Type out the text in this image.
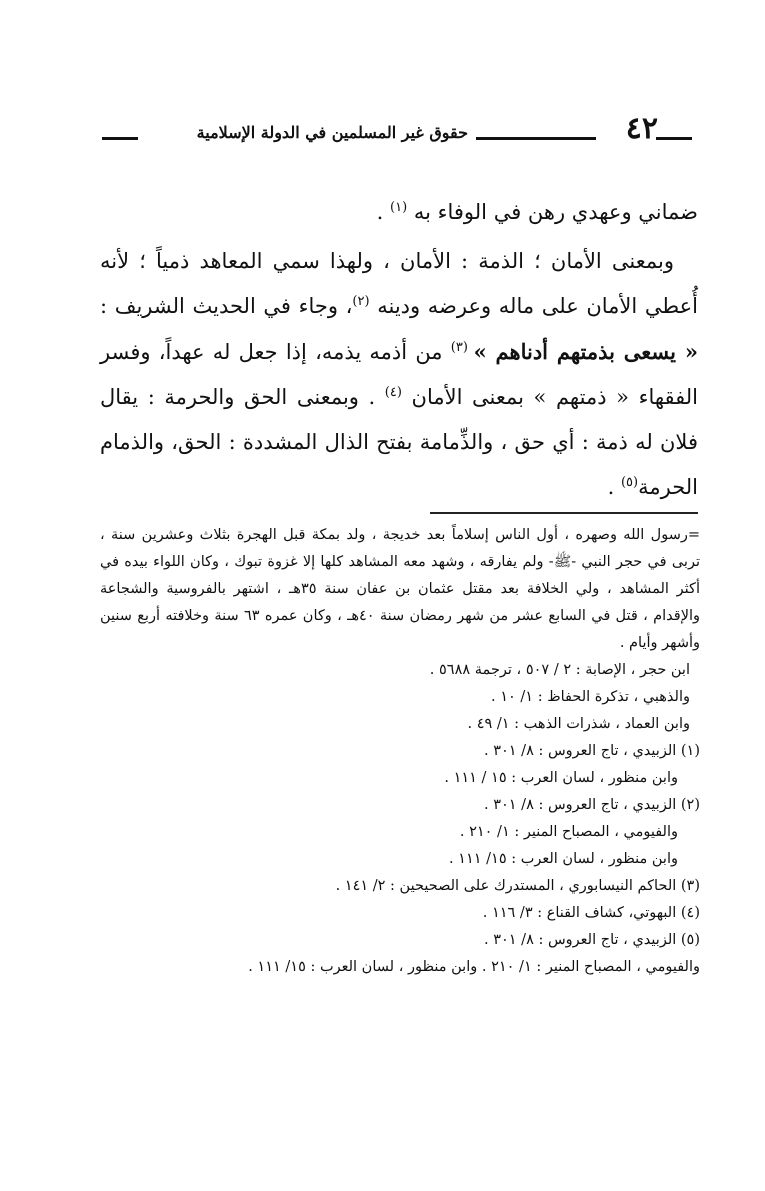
٤٢
حقوق غير المسلمين في الدولة الإسلامية

ضماني وعهدي رهن في الوفاء به $^{(١)}$ .

وبمعنى الأمان ؛ الذمة : الأمان ، ولهذا سمي المعاهد ذمياً ؛ لأنه أُعطي الأمان على ماله وعرضه ودينه $^{(٢)}$، وجاء في الحديث الشريف : « يسعى بذمتهم أدناهم » $^{(٣)}$ من أذمه يذمه، إذا جعل له عهداً، وفسر الفقهاء « ذمتهم » بمعنى الأمان $^{(٤)}$ . وبمعنى الحق والحرمة : يقال فلان له ذمة : أي حق ، والذِّمامة بفتح الذال المشددة : الحق، والذمام الحرمة$^{(٥)}$ .

=رسول الله وصهره ، أول الناس إسلاماً بعد خديجة ، ولد بمكة قبل الهجرة بثلاث وعشرين سنة ، تربى في حجر النبي -ﷺ- ولم يفارقه ، وشهد معه المشاهد كلها إلا غزوة تبوك ، وكان اللواء بيده في أكثر المشاهد ، ولي الخلافة بعد مقتل عثمان بن عفان سنة ٣٥هـ ، اشتهر بالفروسية والشجاعة والإقدام ، قتل في السابع عشر من شهر رمضان سنة ٤٠هـ ، وكان عمره ٦٣ سنة وخلافته أربع سنين وأشهر وأيام .

ابن حجر ، الإصابة : ٢ / ٥٠٧ ، ترجمة ٥٦٨٨ .

والذهبي ، تذكرة الحفاظ : ١/ ١٠ .

وابن العماد ، شذرات الذهب : ١/ ٤٩ .

(١) الزبيدي ، تاج العروس : ٨/ ٣٠١ .

وابن منظور ، لسان العرب : ١٥ / ١١١ .

(٢) الزبيدي ، تاج العروس : ٨/ ٣٠١ .

والفيومي ، المصباح المنير : ١/ ٢١٠ .

وابن منظور ، لسان العرب : ١٥/ ١١١ .

(٣) الحاكم النيسابوري ، المستدرك على الصحيحين : ٢/ ١٤١ .

(٤) البهوتي، كشاف القناع : ٣/ ١١٦ .

(٥) الزبيدي ، تاج العروس : ٨/ ٣٠١ .

والفيومي ، المصباح المنير : ١/ ٢١٠ . وابن منظور ، لسان العرب : ١٥/ ١١١ .
